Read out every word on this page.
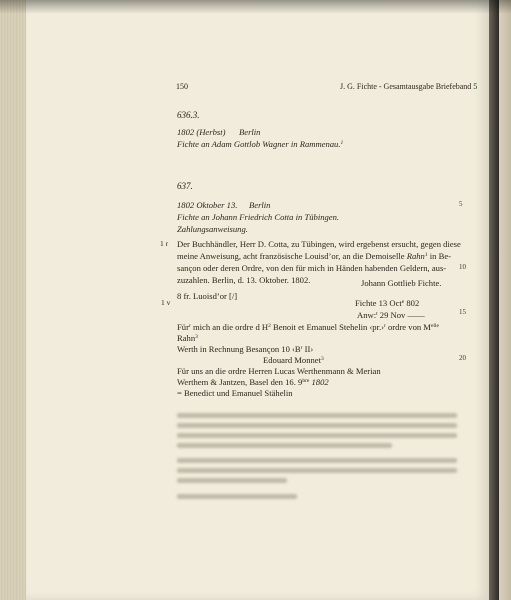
150	J. G. Fichte - Gesamtausgabe Briefeband 5
636.3.
1802 (Herbst) Berlin
Fichte an Adam Gottlob Wagner in Rammenau.$^1$
637.
1802 Oktober 13. Berlin
Fichte an Johann Friedrich Cotta in Tübingen.
Zahlungsanweisung.
5
1 r Der Buchhändler, Herr D. Cotta, zu Tübingen, wird ergebenst ersucht, gegen diese
meine Anweisung, acht französische Louisd’or, an die Demoiselle Rahn$^1$ in Be-
sançon oder deren Ordre, von den für mich in Händen habenden Geldern, aus-
zuzahlen. Berlin, d. 13. Oktober. 1802.
10
Johann Gottlieb Fichte.
8 fr. Luoisd’or [/]
1 v	Fichte 13 Oct$^e$ 802
Anw:$^t$ 29 Nov ——	15
Für$^r$ mich an die ordre d $H^2$ Benoit et Emanuel Stehelin ‹pr.›$^r$ ordre von $M^{elle}$
Rahn$^3$
Werth in Rechnung Besançon 10 $‹B^r$ II›
Edouard Monnet$^3$
Für uns an die ordre Herren Lucas Werthenmann & Merian
20
Werthem & Jantzen, Basel den 16. $9^{bre}$ 1802
= Benedict und Emanuel Stähelin
